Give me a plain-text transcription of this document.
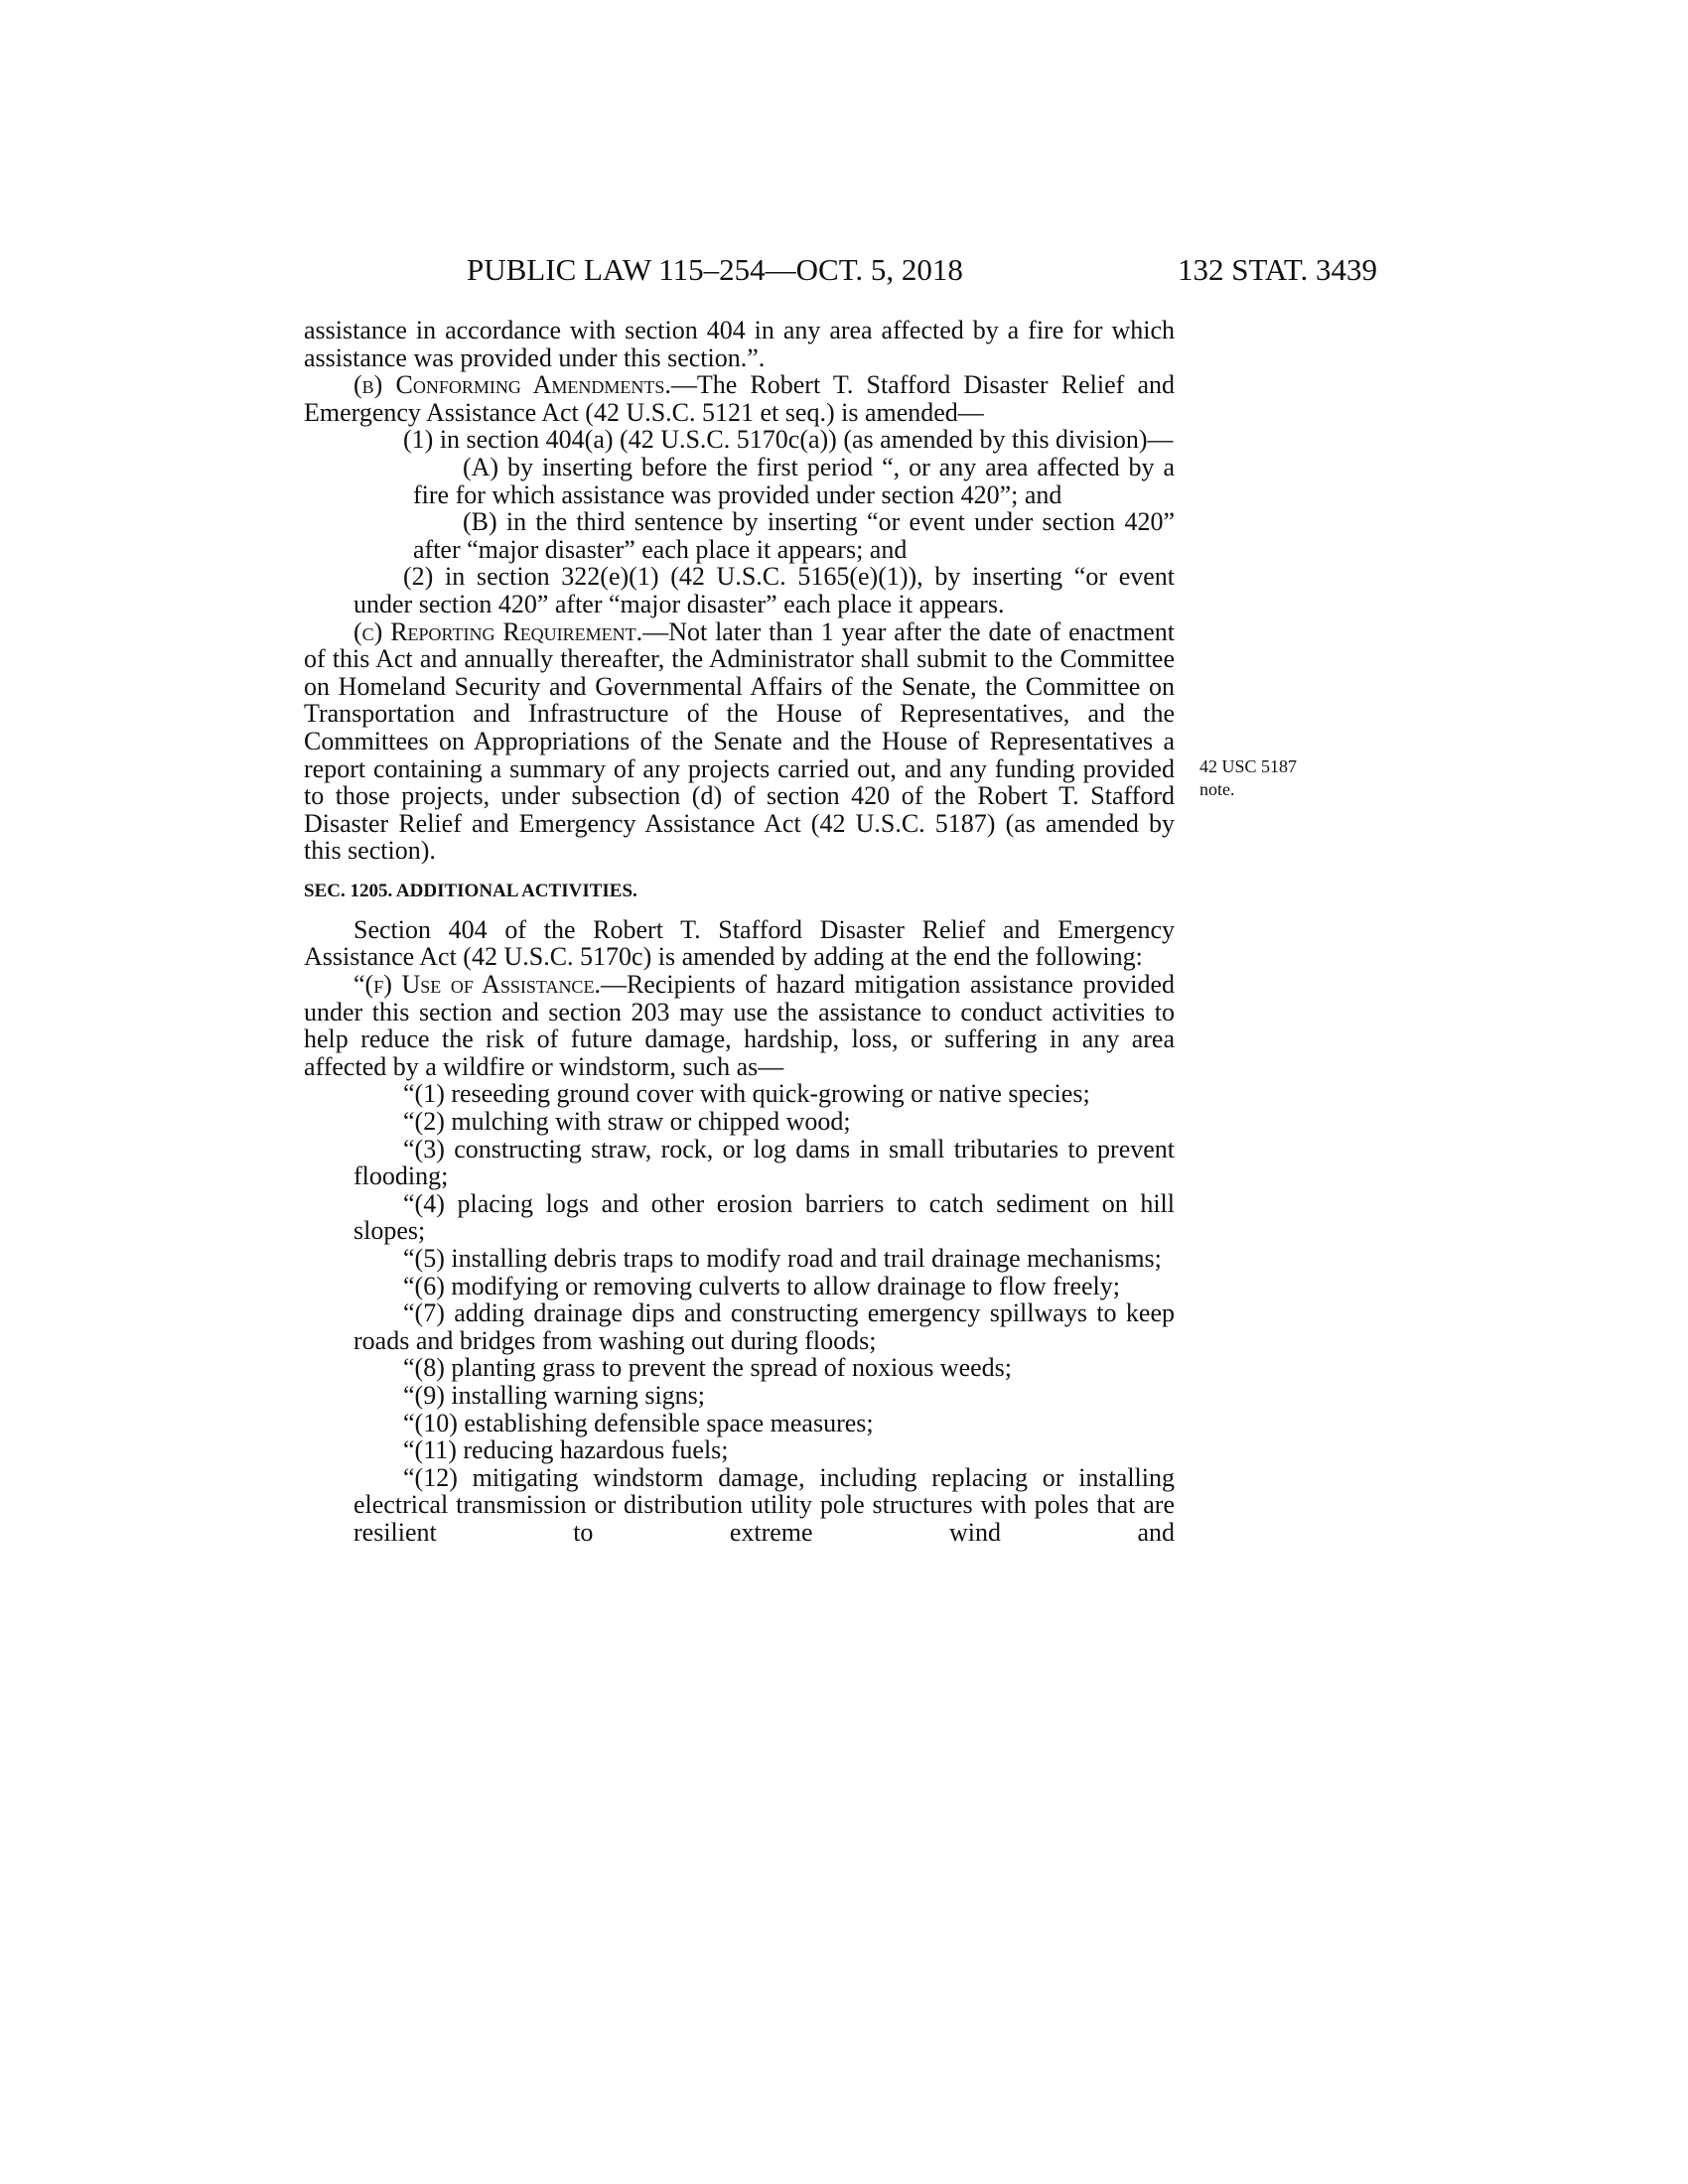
PUBLIC LAW 115–254—OCT. 5, 2018	132 STAT. 3439
42 USC 5187
note.

assistance in accordance with section 404 in any area affected by a fire for which assistance was provided under this section.”.

(b) Conforming Amendments.—The Robert T. Stafford Disaster Relief and Emergency Assistance Act (42 U.S.C. 5121 et seq.) is amended—

(1) in section 404(a) (42 U.S.C. 5170c(a)) (as amended by this division)—

(A) by inserting before the first period “, or any area affected by a fire for which assistance was provided under section 420”; and

(B) in the third sentence by inserting “or event under section 420” after “major disaster” each place it appears; and

(2) in section 322(e)(1) (42 U.S.C. 5165(e)(1)), by inserting “or event under section 420” after “major disaster” each place it appears.

(c) Reporting Requirement.—Not later than 1 year after the date of enactment of this Act and annually thereafter, the Administrator shall submit to the Committee on Homeland Security and Governmental Affairs of the Senate, the Committee on Transportation and Infrastructure of the House of Representatives, and the Committees on Appropriations of the Senate and the House of Representatives a report containing a summary of any projects carried out, and any funding provided to those projects, under subsection (d) of section 420 of the Robert T. Stafford Disaster Relief and Emergency Assistance Act (42 U.S.C. 5187) (as amended by this section).

SEC. 1205. ADDITIONAL ACTIVITIES.

Section 404 of the Robert T. Stafford Disaster Relief and Emergency Assistance Act (42 U.S.C. 5170c) is amended by adding at the end the following:

“(f) Use of Assistance.—Recipients of hazard mitigation assistance provided under this section and section 203 may use the assistance to conduct activities to help reduce the risk of future damage, hardship, loss, or suffering in any area affected by a wildfire or windstorm, such as—

“(1) reseeding ground cover with quick-growing or native species;

“(2) mulching with straw or chipped wood;

“(3) constructing straw, rock, or log dams in small tributaries to prevent flooding;

“(4) placing logs and other erosion barriers to catch sediment on hill slopes;

“(5) installing debris traps to modify road and trail drainage mechanisms;

“(6) modifying or removing culverts to allow drainage to flow freely;

“(7) adding drainage dips and constructing emergency spillways to keep roads and bridges from washing out during floods;

“(8) planting grass to prevent the spread of noxious weeds;

“(9) installing warning signs;

“(10) establishing defensible space measures;

“(11) reducing hazardous fuels;

“(12) mitigating windstorm damage, including replacing or installing electrical transmission or distribution utility pole structures with poles that are resilient to extreme wind and
